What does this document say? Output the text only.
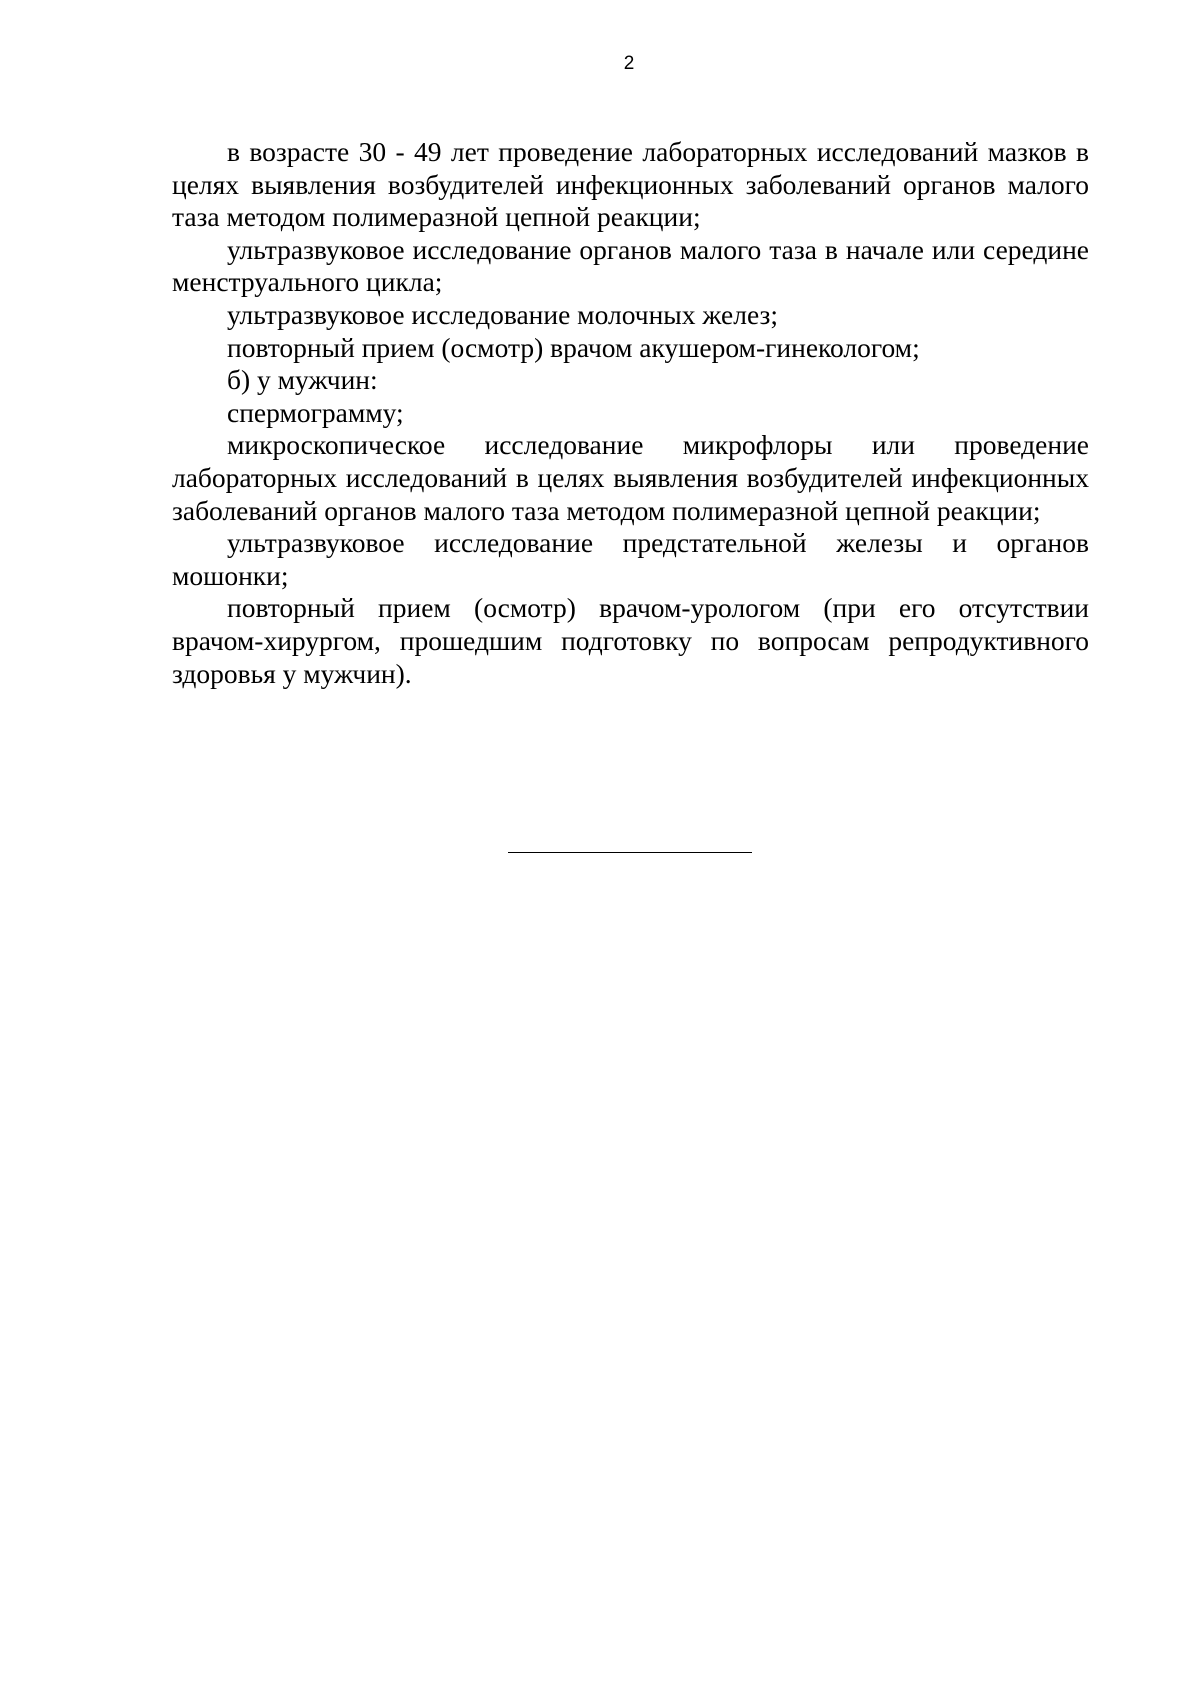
2

в возрасте 30 - 49 лет проведение лабораторных исследований мазков в целях выявления возбудителей инфекционных заболеваний органов малого таза методом полимеразной цепной реакции;

ультразвуковое исследование органов малого таза в начале или середине менструального цикла;

ультразвуковое исследование молочных желез;

повторный прием (осмотр) врачом акушером-гинекологом;

б) у мужчин:

спермограмму;

микроскопическое исследование микрофлоры или проведение лабораторных исследований в целях выявления возбудителей инфекционных заболеваний органов малого таза методом полимеразной цепной реакции;

ультразвуковое исследование предстательной железы и органов мошонки;

повторный прием (осмотр) врачом-урологом (при его отсутствии врачом-хирургом, прошедшим подготовку по вопросам репродуктивного здоровья у мужчин).
